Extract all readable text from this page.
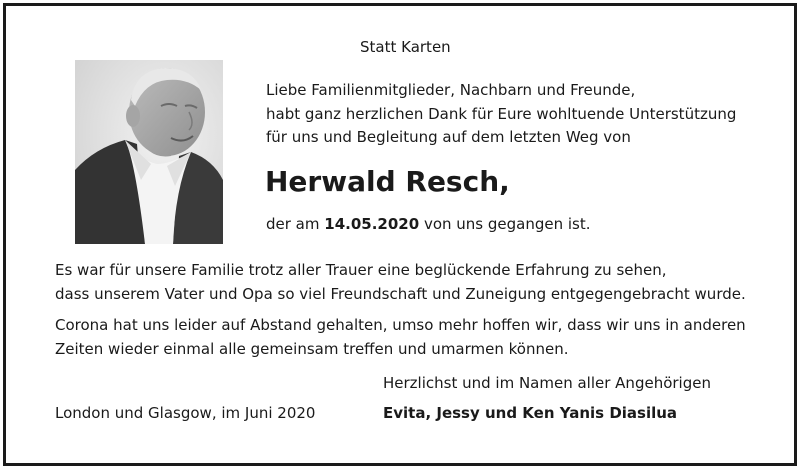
Statt Karten
Liebe Familienmitglieder, Nachbarn und Freunde,
habt ganz herzlichen Dank für Eure wohltuende Unterstützung
für uns und Begleitung auf dem letzten Weg von
Herwald Resch,
der am 14.05.2020 von uns gegangen ist.
Es war für unsere Familie trotz aller Trauer eine beglückende Erfahrung zu sehen,
dass unserem Vater und Opa so viel Freundschaft und Zuneigung entgegengebracht wurde.
Corona hat uns leider auf Abstand gehalten, umso mehr hoffen wir, dass wir uns in anderen
Zeiten wieder einmal alle gemeinsam treffen und umarmen können.
Herzlichst und im Namen aller Angehörigen
London und Glasgow, im Juni 2020	Evita, Jessy und Ken Yanis Diasilua
